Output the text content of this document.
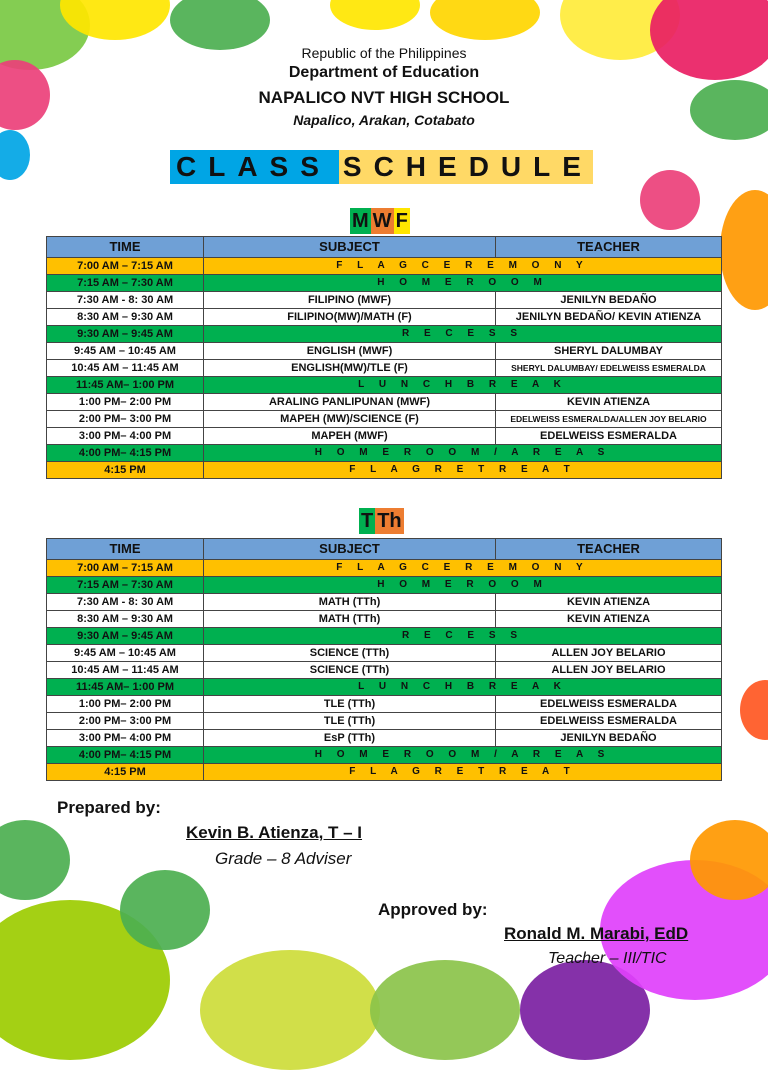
Republic of the Philippines
Department of Education
NAPALICO NVT HIGH SCHOOL
Napalico, Arakan, Cotabato
CLASS SCHEDULE
M W F
TIME	SUBJECT	TEACHER
7:00 AM – 7:15 AM	F L A G C E R E M O N Y	
7:15 AM – 7:30 AM	H O M E R O O M	
7:30 AM - 8: 30 AM	FILIPINO (MWF)	JENILYN BEDAÑO
8:30 AM – 9:30 AM	FILIPINO(MW)/MATH (F)	JENILYN BEDAÑO/ KEVIN ATIENZA
9:30 AM – 9:45 AM	R E C E S S	
9:45 AM – 10:45 AM	ENGLISH (MWF)	SHERYL DALUMBAY
10:45 AM – 11:45 AM	ENGLISH(MW)/TLE (F)	SHERYL DALUMBAY/ EDELWEISS ESMERALDA
11:45 AM– 1:00 PM	L U N C H B R E A K	
1:00 PM– 2:00 PM	ARALING PANLIPUNAN (MWF)	KEVIN ATIENZA
2:00 PM– 3:00 PM	MAPEH (MW)/SCIENCE (F)	EDELWEISS ESMERALDA/ALLEN JOY BELARIO
3:00 PM– 4:00 PM	MAPEH (MWF)	EDELWEISS ESMERALDA
4:00 PM– 4:15 PM	H O M E R O O M / A R E A S	
4:15 PM	F L A G R E T R E A T	
T Th
TIME	SUBJECT	TEACHER
7:00 AM – 7:15 AM	F L A G C E R E M O N Y	
7:15 AM – 7:30 AM	H O M E R O O M	
7:30 AM - 8: 30 AM	MATH (TTh)	KEVIN ATIENZA
8:30 AM – 9:30 AM	MATH (TTh)	KEVIN ATIENZA
9:30 AM – 9:45 AM	R E C E S S	
9:45 AM – 10:45 AM	SCIENCE (TTh)	ALLEN JOY BELARIO
10:45 AM – 11:45 AM	SCIENCE (TTh)	ALLEN JOY BELARIO
11:45 AM– 1:00 PM	L U N C H B R E A K	
1:00 PM– 2:00 PM	TLE (TTh)	EDELWEISS ESMERALDA
2:00 PM– 3:00 PM	TLE (TTh)	EDELWEISS ESMERALDA
3:00 PM– 4:00 PM	EsP (TTh)	JENILYN BEDAÑO
4:00 PM– 4:15 PM	H O M E R O O M / A R E A S	
4:15 PM	F L A G R E T R E A T	
Prepared by:
Kevin B. Atienza, T – I
Grade – 8 Adviser
Approved by:
Ronald M. Marabi, EdD
Teacher – III/TIC
